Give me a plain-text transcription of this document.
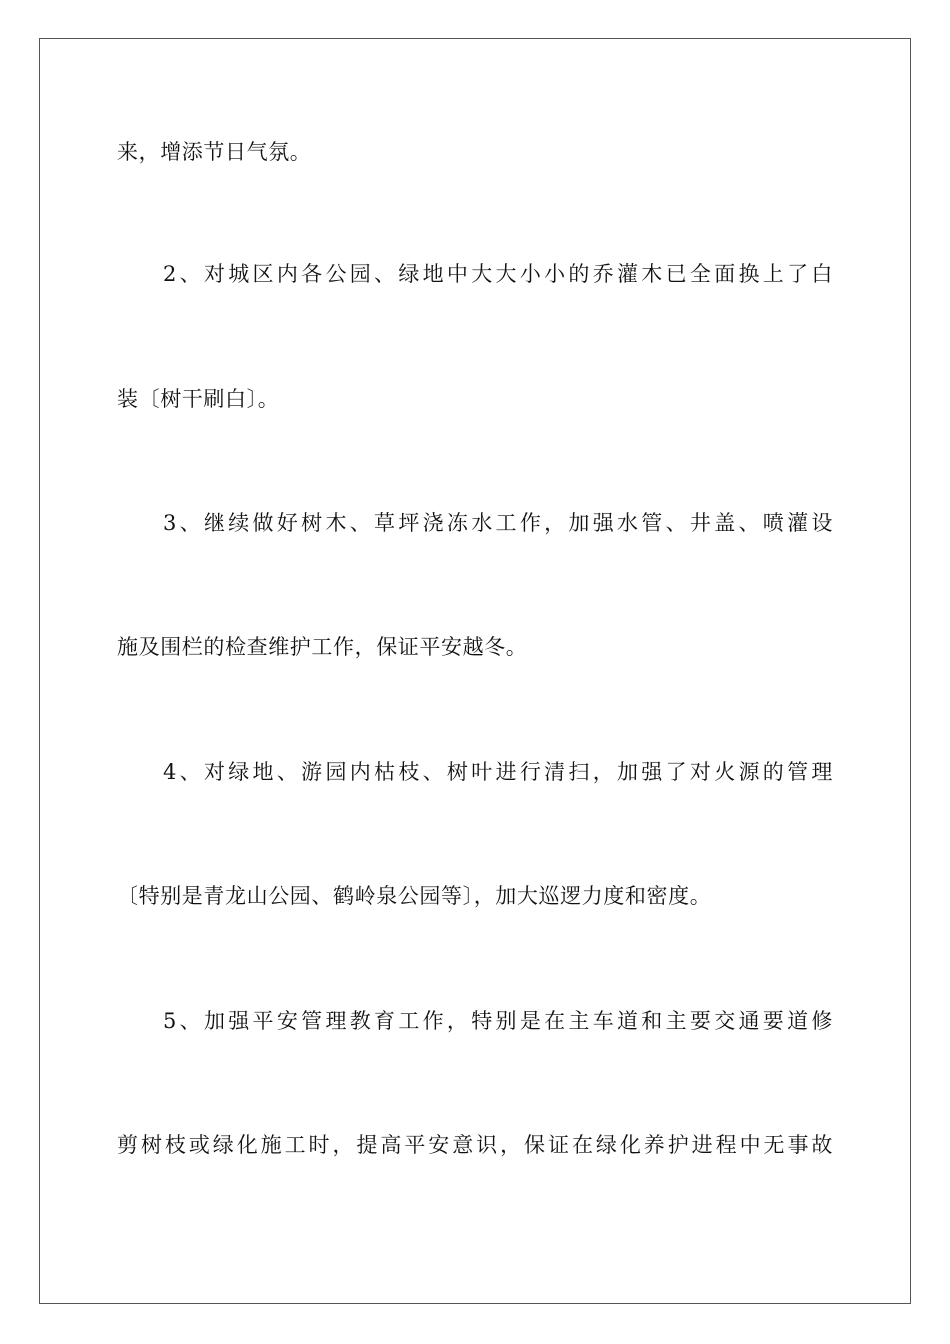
来，增添节日气氛。

2、对城区内各公园、绿地中大大小小的乔灌木已全面换上了白

装〔树干刷白〕。

3、继续做好树木、草坪浇冻水工作，加强水管、井盖、喷灌设

施及围栏的检查维护工作，保证平安越冬。

4、对绿地、游园内枯枝、树叶进行清扫，加强了对火源的管理

〔特别是青龙山公园、鹤岭泉公园等〕，加大巡逻力度和密度。

5、加强平安管理教育工作，特别是在主车道和主要交通要道修

剪树枝或绿化施工时，提高平安意识，保证在绿化养护进程中无事故
